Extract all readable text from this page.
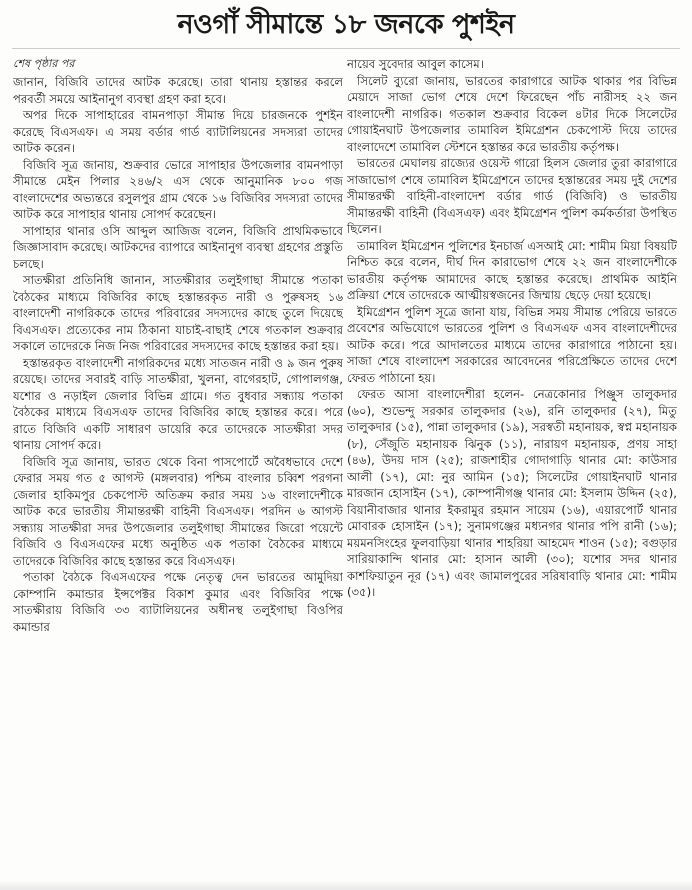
নওগাঁ সীমান্তে ১৮ জনকে পুশইন
শেষ পৃষ্ঠার পর

জানান, বিজিবি তাদের আটক করেছে। তারা থানায় হস্তান্তর করলে পরবর্তী সময়ে আইনানুগ ব্যবস্থা গ্রহণ করা হবে।

অপর দিকে সাপাহারের বামনপাড়া সীমান্ত দিয়ে চারজনকে পুশইন করেছে বিএসএফ। এ সময় বর্ডার গার্ড ব্যাটালিয়নের সদস্যরা তাদের আটক করেন।

বিজিবি সূত্র জানায়, শুক্রবার ভোরে সাপাহার উপজেলার বামনপাড়া সীমান্তে মেইন পিলার ২৪৬/২ এস থেকে আনুমানিক ৮০০ গজ বাংলাদেশের অভ্যন্তরে রসুলপুর গ্রাম থেকে ১৬ বিজিবির সদস্যরা তাদের আটক করে সাপাহার থানায় সোপর্দ করেছেন।

সাপাহার থানার ওসি আব্দুল আজিজ বলেন, বিজিবি প্রাথমিকভাবে জিজ্ঞাসাবাদ করেছে। আটকদের ব্যাপারে আইনানুগ ব্যবস্থা গ্রহণের প্রস্তুতি চলছে।

সাতক্ষীরা প্রতিনিধি জানান, সাতক্ষীরার তলুইগাছা সীমান্তে পতাকা বৈঠকের মাধ্যমে বিজিবির কাছে হস্তান্তরকৃত নারী ও পুরুষসহ ১৬ বাংলাদেশী নাগরিককে তাদের পরিবারের সদস্যদের কাছে তুলে দিয়েছে বিএসএফ। প্রত্যেকের নাম ঠিকানা যাচাই-বাছাই শেষে গতকাল শুক্রবার সকালে তাদেরকে নিজ নিজ পরিবারের সদস্যদের কাছে হস্তান্তর করা হয়।

হস্তান্তরকৃত বাংলাদেশী নাগরিকদের মধ্যে সাতজন নারী ও ৯ জন পুরুষ রয়েছে। তাদের সবারই বাড়ি সাতক্ষীরা, খুলনা, বাগেরহাট, গোপালগঞ্জ, যশোর ও নড়াইল জেলার বিভিন্ন গ্রামে। গত বুধবার সন্ধ্যায় পতাকা বৈঠকের মাধ্যমে বিএসএফ তাদের বিজিবির কাছে হস্তান্তর করে। পরে রাতে বিজিবি একটি সাধারণ ডায়েরি করে তাদেরকে সাতক্ষীরা সদর থানায় সোপর্দ করে।

বিজিবি সূত্র জানায়, ভারত থেকে বিনা পাসপোর্টে অবৈধভাবে দেশে ফেরার সময় গত ৫ আগস্ট (মঙ্গলবার) পশ্চিম বাংলার চব্বিশ পরগনা জেলার হাকিমপুর চেকপোস্ট অতিক্রম করার সময় ১৬ বাংলাদেশীকে আটক করে ভারতীয় সীমান্তরক্ষী বাহিনী বিএসএফ। পরদিন ৬ আগস্ট সন্ধ্যায় সাতক্ষীরা সদর উপজেলার তলুইগাছা সীমান্তের জিরো পয়েন্টে বিজিবি ও বিএসএফের মধ্যে অনুষ্ঠিত এক পতাকা বৈঠকের মাধ্যমে তাদেরকে বিজিবির কাছে হস্তান্তর করে বিএসএফ।

পতাকা বৈঠকে বিএসএফের পক্ষে নেতৃত্ব দেন ভারতের আমুদিয়া কোম্পানি কমান্ডার ইন্সপেক্টর বিকাশ কুমার এবং বিজিবির পক্ষে সাতক্ষীরায় বিজিবি ৩৩ ব্যাটালিয়নের অধীনস্থ তলুইগাছা বিওপির কমান্ডার

নায়েব সুবেদার আবুল কাসেম।

সিলেট ব্যুরো জানায়, ভারতের কারাগারে আটক থাকার পর বিভিন্ন মেয়াদে সাজা ভোগ শেষে দেশে ফিরেছেন পাঁচ নারীসহ ২২ জন বাংলাদেশী নাগরিক। গতকাল শুক্রবার বিকেল ৪টার দিকে সিলেটের গোয়াইনঘাট উপজেলার তামাবিল ইমিগ্রেশন চেকপোস্ট দিয়ে তাদের বাংলাদেশে তামাবিল স্টেশনে হস্তান্তর করে ভারতীয় কর্তৃপক্ষ।

ভারতের মেঘালয় রাজ্যের ওয়েস্ট গারো হিলস জেলার তুরা কারাগারে সাজাভোগ শেষে তামাবিল ইমিগ্রেশনে তাদের হস্তান্তরের সময় দুই দেশের সীমান্তরক্ষী বাহিনী-বাংলাদেশ বর্ডার গার্ড (বিজিবি) ও ভারতীয় সীমান্তরক্ষী বাহিনী (বিএসএফ) এবং ইমিগ্রেশন পুলিশ কর্মকর্তারা উপস্থিত ছিলেন।

তামাবিল ইমিগ্রেশন পুলিশের ইনচার্জ এসআই মো: শামীম মিয়া বিষয়টি নিশ্চিত করে বলেন, দীর্ঘ দিন কারাভোগ শেষে ২২ জন বাংলাদেশীকে ভারতীয় কর্তৃপক্ষ আমাদের কাছে হস্তান্তর করেছে। প্রাথমিক আইনি প্রক্রিয়া শেষে তাদেরকে আত্মীয়স্বজনের জিম্মায় ছেড়ে দেয়া হয়েছে।

ইমিগ্রেশন পুলিশ সূত্রে জানা যায়, বিভিন্ন সময় সীমান্ত পেরিয়ে ভারতে প্রবেশের অভিযোগে ভারতের পুলিশ ও বিএসএফ এসব বাংলাদেশীদের আটক করে। পরে আদালতের মাধ্যমে তাদের কারাগারে পাঠানো হয়। সাজা শেষে বাংলাদেশ সরকারের আবেদনের পরিপ্রেক্ষিতে তাদের দেশে ফেরত পাঠানো হয়।

ফেরত আসা বাংলাদেশীরা হলেন- নেত্রকোনার পিঞ্জুস তালুকদার (৬০), শুভেন্দু সরকার তালুকদার (২৬), রনি তালুকদার (২৭), মিতু তালুকদার (১৫), পান্না তালুকদার (১৯), সরস্বতী মহানায়ক, স্বপ্ন মহানায়ক (৮), সেঁজুতি মহানায়ক ঝিনুক (১১), নারায়ণ মহানায়ক, প্রণয় সাহা (৪৬), উদয় দাস (২৫); রাজশাহীর গোদাগাড়ি থানার মো: কাউসার আলী (১৭), মো: নুর আমিন (১৫); সিলেটের গোয়াইনঘাট থানার মারজান হোসাইন (১৭), কোম্পানীগঞ্জ থানার মো: ইসলাম উদ্দিন (২৫), বিয়ানীবাজার থানার ইকরামুর রহমান সায়েম (১৬), এয়ারপোর্ট থানার মোবারক হোসাইন (১৭); সুনামগঞ্জের মধ্যনগর থানার পপি রানী (১৬); ময়মনসিংহের ফুলবাড়িয়া থানার শাহরিয়া আহমেদ শাওন (১৫); বগুড়ার সারিয়াকান্দি থানার মো: হাসান আলী (৩০); যশোর সদর থানার কাশফিয়াতুন নূর (১৭) এবং জামালপুরের সরিষাবাড়ি থানার মো: শামীম (৩৫)।
